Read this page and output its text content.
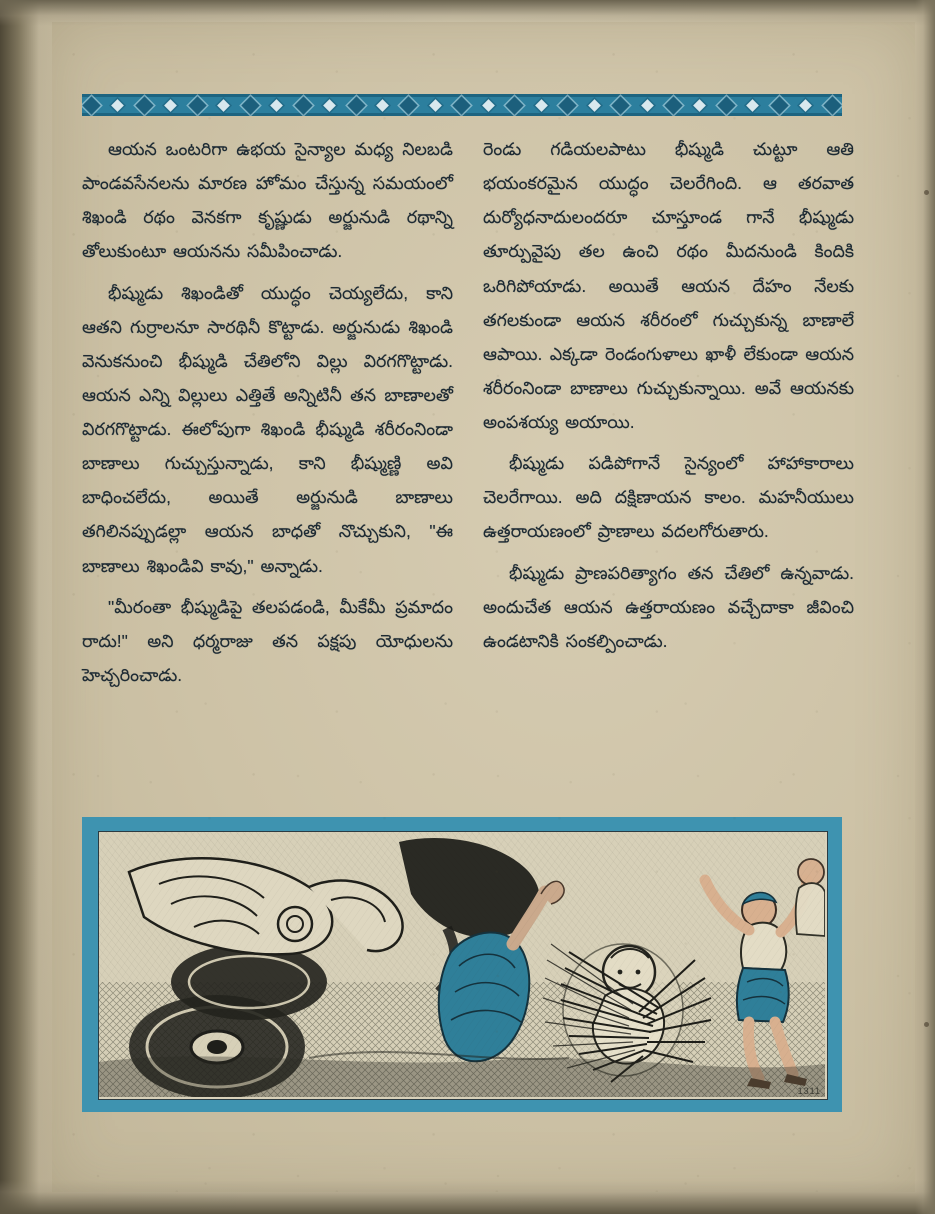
ఆయన ఒంటరిగా ఉభయ సైన్యాల మధ్య నిలబడి పాండవసేనలను మారణ హోమం చేస్తున్న సమయంలో శిఖండి రథం వెనకగా కృష్ణుడు అర్జునుడి రథాన్ని తోలుకుంటూ ఆయనను సమీపించాడు.

భీష్ముడు శిఖండితో యుద్ధం చెయ్యలేదు, కాని ఆతని గుర్రాలనూ సారథినీ కొట్టాడు. అర్జునుడు శిఖండి వెనుకనుంచి భీష్ముడి చేతిలోని విల్లు విరగగొట్టాడు. ఆయన ఎన్ని విల్లులు ఎత్తితే అన్నిటినీ తన బాణాలతో విరగగొట్టాడు. ఈలోపుగా శిఖండి భీష్ముడి శరీరంనిండా బాణాలు గుచ్చుస్తున్నాడు, కాని భీష్ముణ్ణి అవి బాధించలేదు, అయితే అర్జునుడి బాణాలు తగిలినప్పుడల్లా ఆయన బాధతో నొచ్చుకుని, "ఈ బాణాలు శిఖండివి కావు," అన్నాడు.

"మీరంతా భీష్ముడిపై తలపడండి, మీకేమీ ప్రమాదం రాదు!" అని ధర్మరాజు తన పక్షపు యోధులను హెచ్చరించాడు.

రెండు గడియలపాటు భీష్ముడి చుట్టూ ఆతి భయంకరమైన యుద్ధం చెలరేగింది. ఆ తరవాత దుర్యోధనాదులందరూ చూస్తూండ గానే భీష్ముడు తూర్పువైపు తల ఉంచి రథం మీదనుండి కిందికి ఒరిగిపోయాడు. అయితే ఆయన దేహం నేలకు తగలకుండా ఆయన శరీరంలో గుచ్చుకున్న బాణాలే ఆపాయి. ఎక్కడా రెండంగుళాలు ఖాళీ లేకుండా ఆయన శరీరంనిండా బాణాలు గుచ్చుకున్నాయి. అవే ఆయనకు అంపశయ్య అయాయి.

భీష్ముడు పడిపోగానే సైన్యంలో హాహాకారాలు చెలరేగాయి. అది దక్షిణాయన కాలం. మహనీయులు ఉత్తరాయణంలో ప్రాణాలు వదలగోరుతారు.

భీష్ముడు ప్రాణపరిత్యాగం తన చేతిలో ఉన్నవాడు. అందుచేత ఆయన ఉత్తరాయణం వచ్చేదాకా జీవించి ఉండటానికి సంకల్పించాడు.

1311
